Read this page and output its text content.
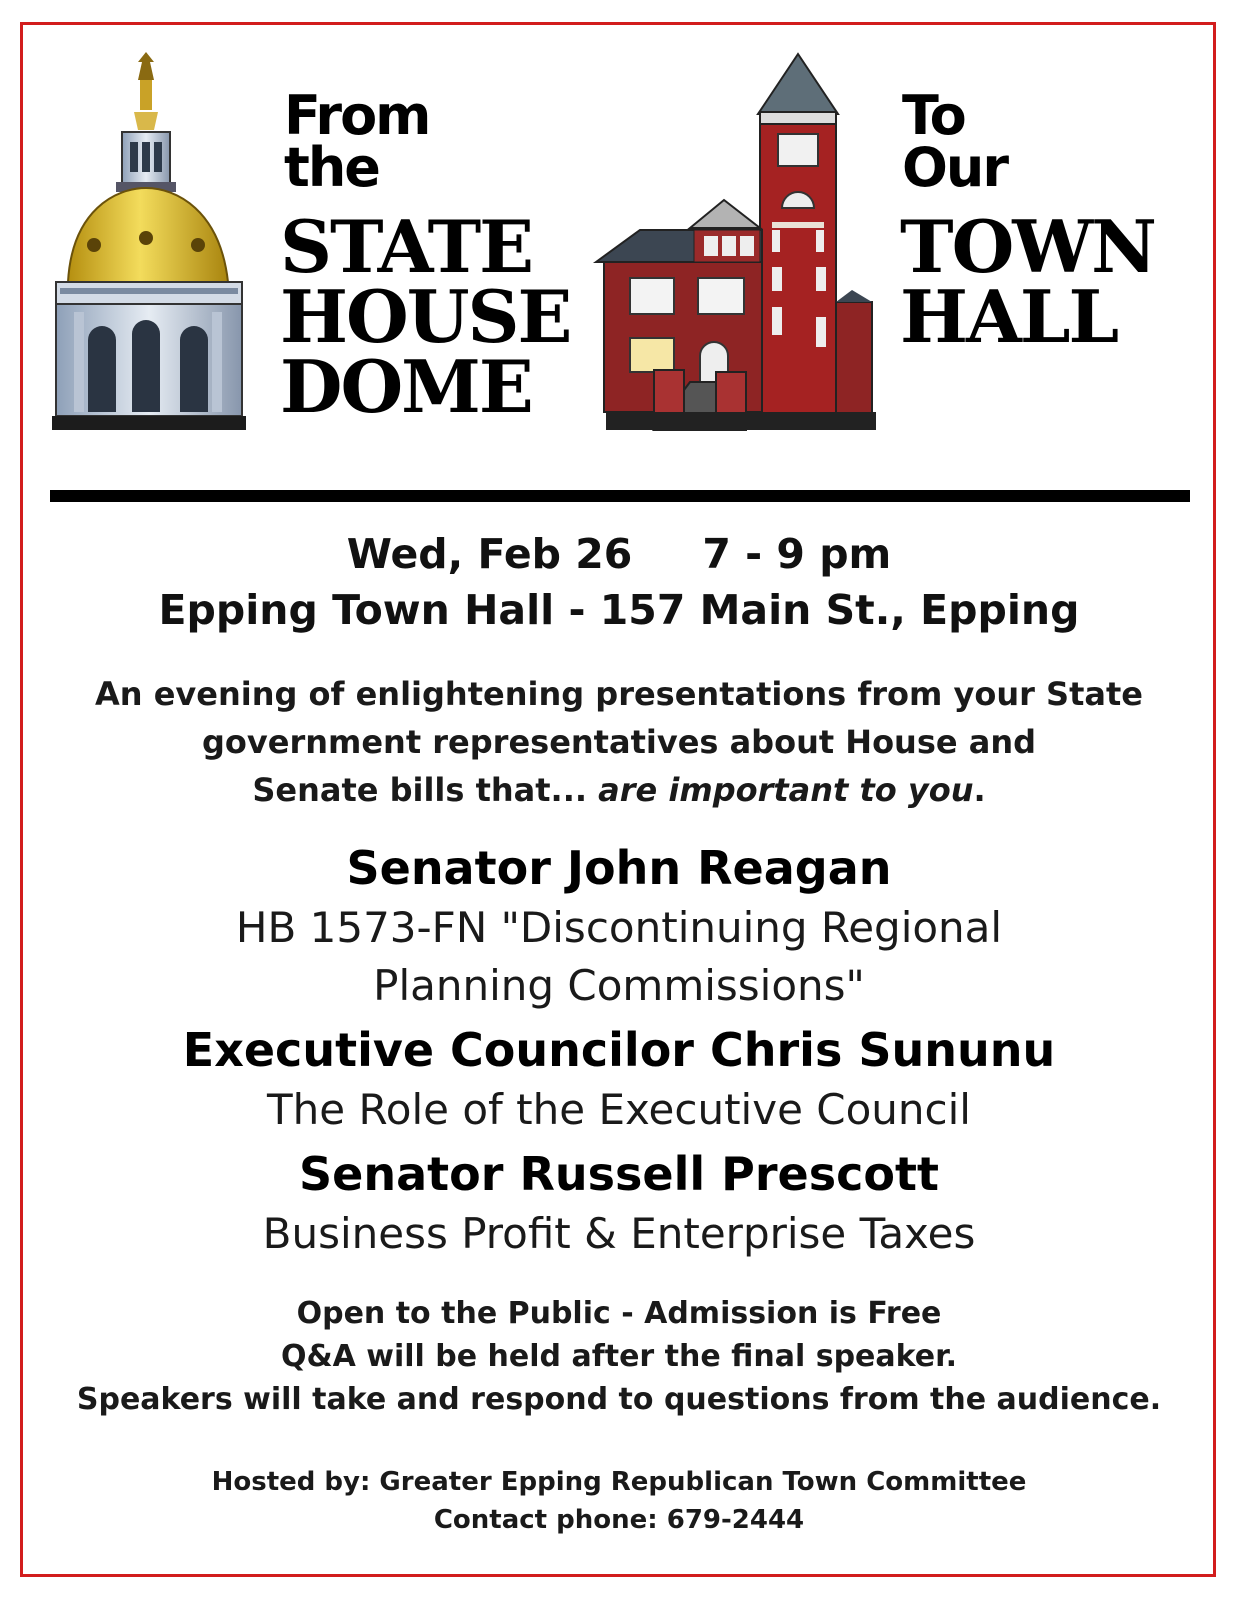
From

the

STATE

HOUSE

DOME

To

Our

TOWN

HALL

Wed, Feb 26 7 - 9 pm

Epping Town Hall - 157 Main St., Epping

An evening of enlightening presentations from your State
government representatives about House and
Senate bills that... are important to you.

Senator John Reagan

HB 1573-FN "Discontinuing Regional

Planning Commissions"

Executive Councilor Chris Sununu

The Role of the Executive Council

Senator Russell Prescott

Business Profit & Enterprise Taxes

Open to the Public - Admission is Free

Q&A will be held after the final speaker.

Speakers will take and respond to questions from the audience.

Hosted by: Greater Epping Republican Town Committee

Contact phone: 679-2444
